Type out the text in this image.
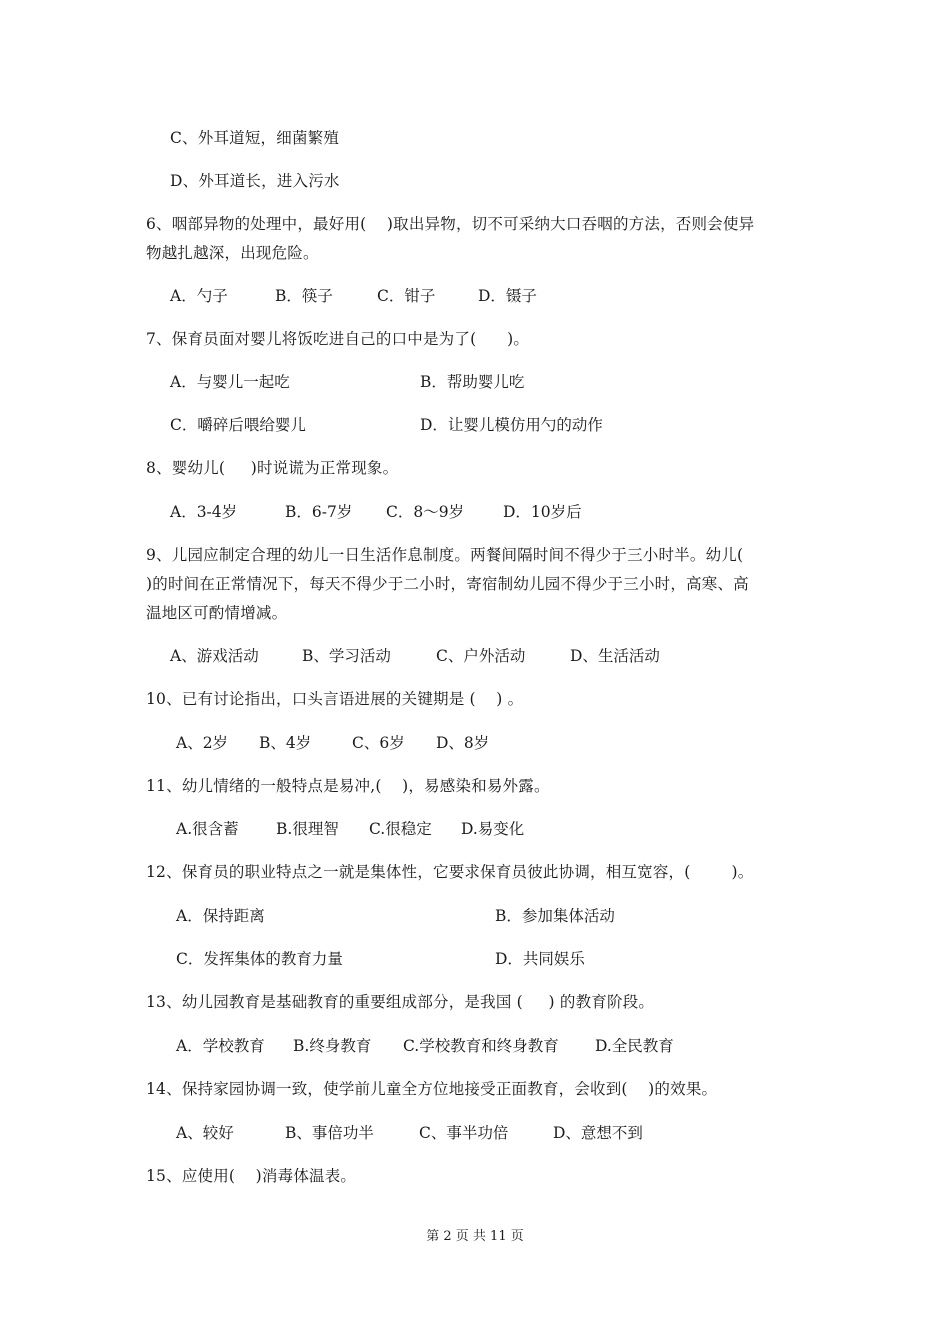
C、外耳道短，细菌繁殖
D、外耳道长，进入污水
6、咽部异物的处理中，最好用(    )取出异物，切不可采纳大口吞咽的方法，否则会使异
物越扎越深，出现危险。
A．勺子	B．筷子	C．钳子	D．镊子
7、保育员面对婴儿将饭吃进自己的口中是为了(      )。
A．与婴儿一起吃	B．帮助婴儿吃
C．嚼碎后喂给婴儿	D．让婴儿模仿用勺的动作
8、婴幼儿(     )时说谎为正常现象。
A．3-4岁	B．6-7岁 C．8～9岁	D．10岁后
9、儿园应制定合理的幼儿一日生活作息制度。两餐间隔时间不得少于三小时半。幼儿(
)的时间在正常情况下，每天不得少于二小时，寄宿制幼儿园不得少于三小时，高寒、高
温地区可酌情增减。
A、游戏活动	B、学习活动	C、户外活动	D、生活活动
10、已有讨论指出，口头言语进展的关键期是 (    ) 。
A、2岁 B、4岁	C、6岁 D、8岁
11、幼儿情绪的一般特点是易冲,(    )，易感染和易外露。
A.很含蓄 B.很理智 C.很稳定 D.易变化
12、保育员的职业特点之一就是集体性，它要求保育员彼此协调，相互宽容，(        )。
A．保持距离	B．参加集体活动
C．发挥集体的教育力量	D．共同娱乐
13、幼儿园教育是基础教育的重要组成部分，是我国 (     ) 的教育阶段。
A．学校教育 B.终身教育 C.学校教育和终身教育 D.全民教育
14、保持家园协调一致，使学前儿童全方位地接受正面教育，会收到(    )的效果。
A、较好	B、事倍功半	C、事半功倍	D、意想不到
15、应使用(    )消毒体温表。
第 2 页 共 11 页
